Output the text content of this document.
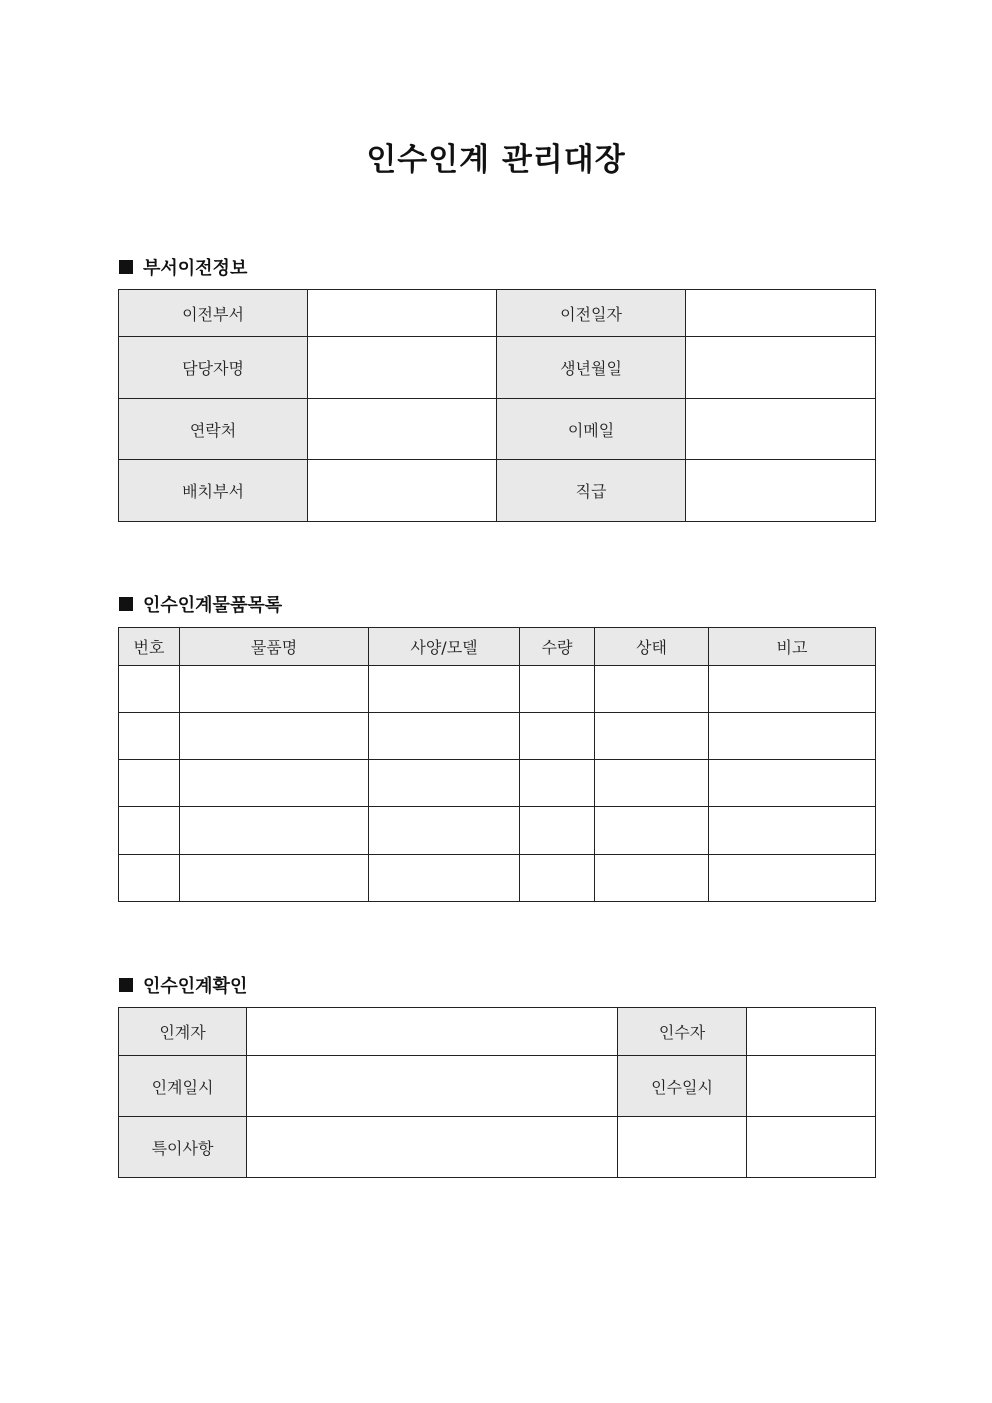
인수인계 관리대장
부서이전정보
이전부서		이전일자	
담당자명		생년월일	
연락처		이메일	
배치부서		직급	
인수인계물품목록
번호	물품명	사양/모델	수량	상태	비고

인수인계확인
인계자		인수자	
인계일시		인수일시	
특이사항			
